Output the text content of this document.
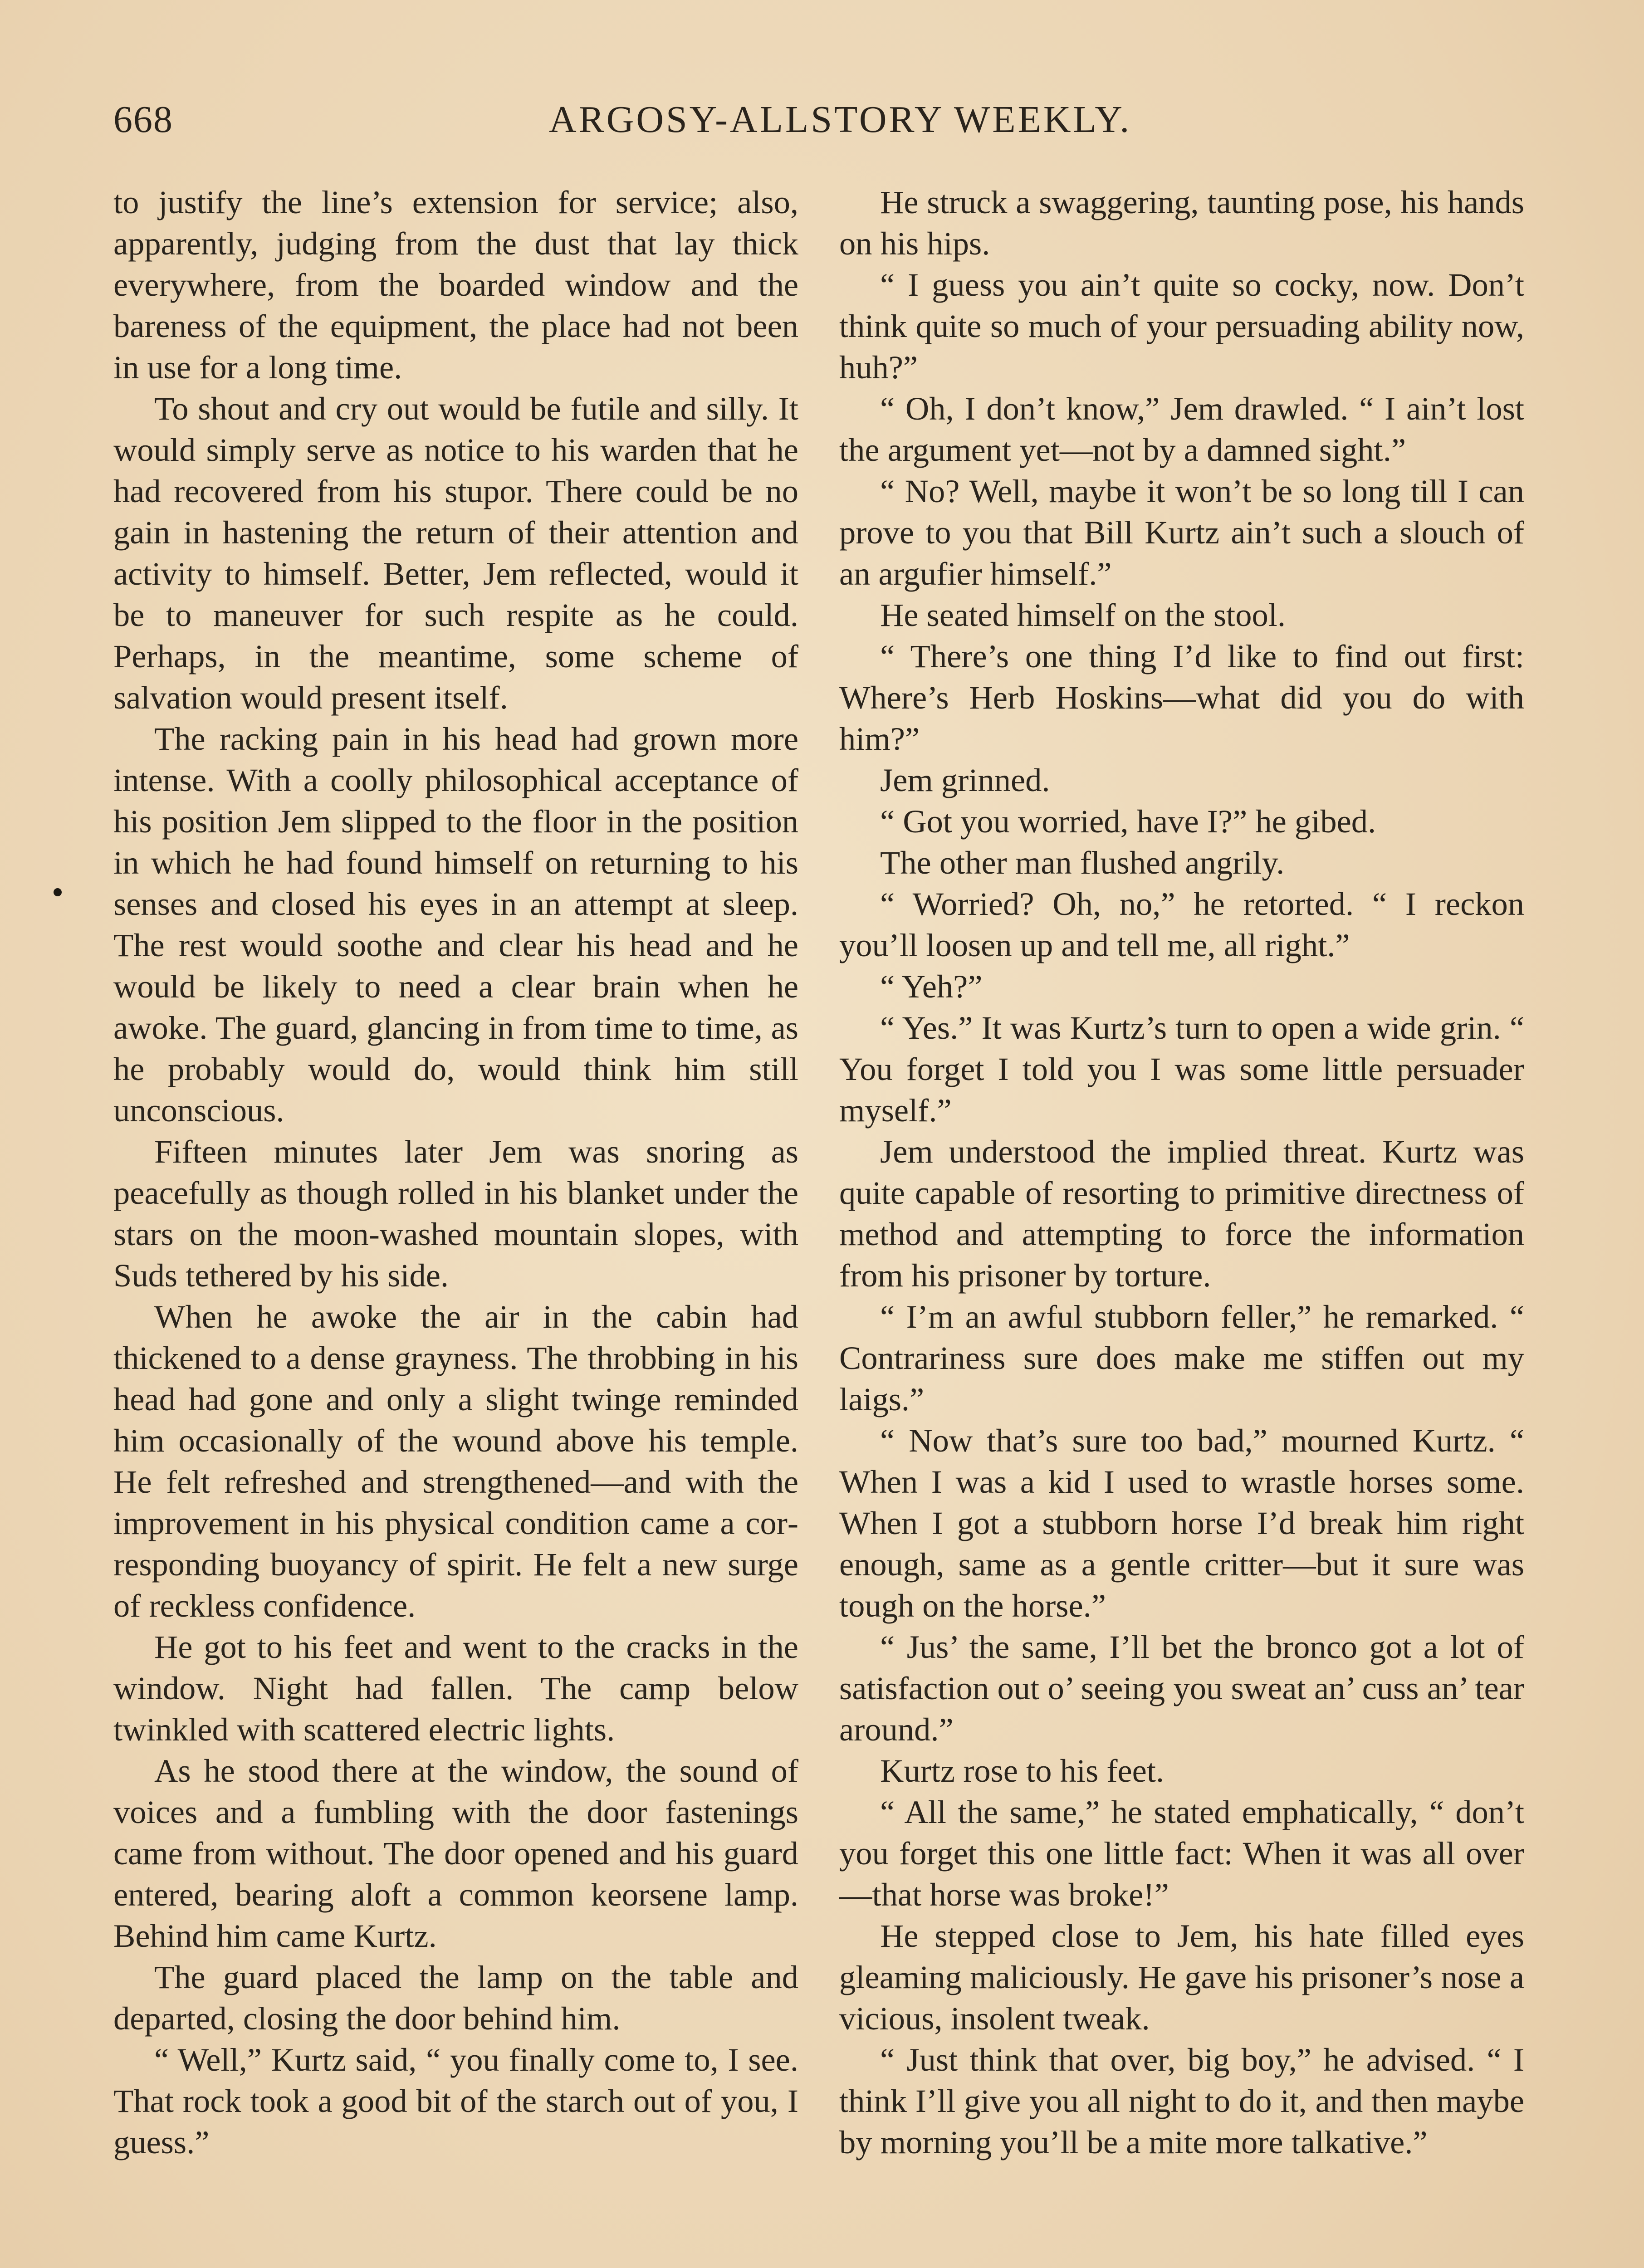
668	ARGOSY-ALLSTORY WEEKLY.

to justify the line’s extension for service; also, apparently, judging from the dust that lay thick everywhere, from the boarded window and the bareness of the equipment, the place had not been in use for a long time.

To shout and cry out would be futile and silly. It would simply serve as notice to his warden that he had recovered from his stupor. There could be no gain in hastening the return of their attention and activity to himself. Better, Jem reflected, would it be to maneuver for such respite as he could. Perhaps, in the meantime, some scheme of salvation would present itself.

The racking pain in his head had grown more intense. With a coolly philosophical acceptance of his position Jem slipped to the floor in the position in which he had found himself on returning to his senses and closed his eyes in an attempt at sleep. The rest would soothe and clear his head and he would be likely to need a clear brain when he awoke. The guard, glancing in from time to time, as he probably would do, would think him still unconscious.

Fifteen minutes later Jem was snoring as peacefully as though rolled in his blanket under the stars on the moon-washed mountain slopes, with Suds tethered by his side.

When he awoke the air in the cabin had thickened to a dense grayness. The throbbing in his head had gone and only a slight twinge reminded him occasionally of the wound above his temple. He felt refreshed and strengthened—and with the improvement in his physical condition came a corresponding buoyancy of spirit. He felt a new surge of reckless confidence.

He got to his feet and went to the cracks in the window. Night had fallen. The camp below twinkled with scattered electric lights.

As he stood there at the window, the sound of voices and a fumbling with the door fastenings came from without. The door opened and his guard entered, bearing aloft a common keorsene lamp. Behind him came Kurtz.

The guard placed the lamp on the table and departed, closing the door behind him.

“ Well,” Kurtz said, “ you finally come to, I see. That rock took a good bit of the starch out of you, I guess.”

He struck a swaggering, taunting pose, his hands on his hips.

“ I guess you ain’t quite so cocky, now. Don’t think quite so much of your persuading ability now, huh?”

“ Oh, I don’t know,” Jem drawled. “ I ain’t lost the argument yet—not by a damned sight.”

“ No? Well, maybe it won’t be so long till I can prove to you that Bill Kurtz ain’t such a slouch of an argufier himself.”

He seated himself on the stool.

“ There’s one thing I’d like to find out first: Where’s Herb Hoskins—what did you do with him?”

Jem grinned.

“ Got you worried, have I?” he gibed.

The other man flushed angrily.

“ Worried? Oh, no,” he retorted. “ I reckon you’ll loosen up and tell me, all right.”

“ Yeh?”

“ Yes.” It was Kurtz’s turn to open a wide grin. “ You forget I told you I was some little persuader myself.”

Jem understood the implied threat. Kurtz was quite capable of resorting to primitive directness of method and attempting to force the information from his prisoner by torture.

“ I’m an awful stubborn feller,” he remarked. “ Contrariness sure does make me stiffen out my laigs.”

“ Now that’s sure too bad,” mourned Kurtz. “ When I was a kid I used to wrastle horses some. When I got a stubborn horse I’d break him right enough, same as a gentle critter—but it sure was tough on the horse.”

“ Jus’ the same, I’ll bet the bronco got a lot of satisfaction out o’ seeing you sweat an’ cuss an’ tear around.”

Kurtz rose to his feet.

“ All the same,” he stated emphatically, “ don’t you forget this one little fact: When it was all over—that horse was broke!”

He stepped close to Jem, his hate filled eyes gleaming maliciously. He gave his prisoner’s nose a vicious, insolent tweak.

“ Just think that over, big boy,” he advised. “ I think I’ll give you all night to do it, and then maybe by morning you’ll be a mite more talkative.”
